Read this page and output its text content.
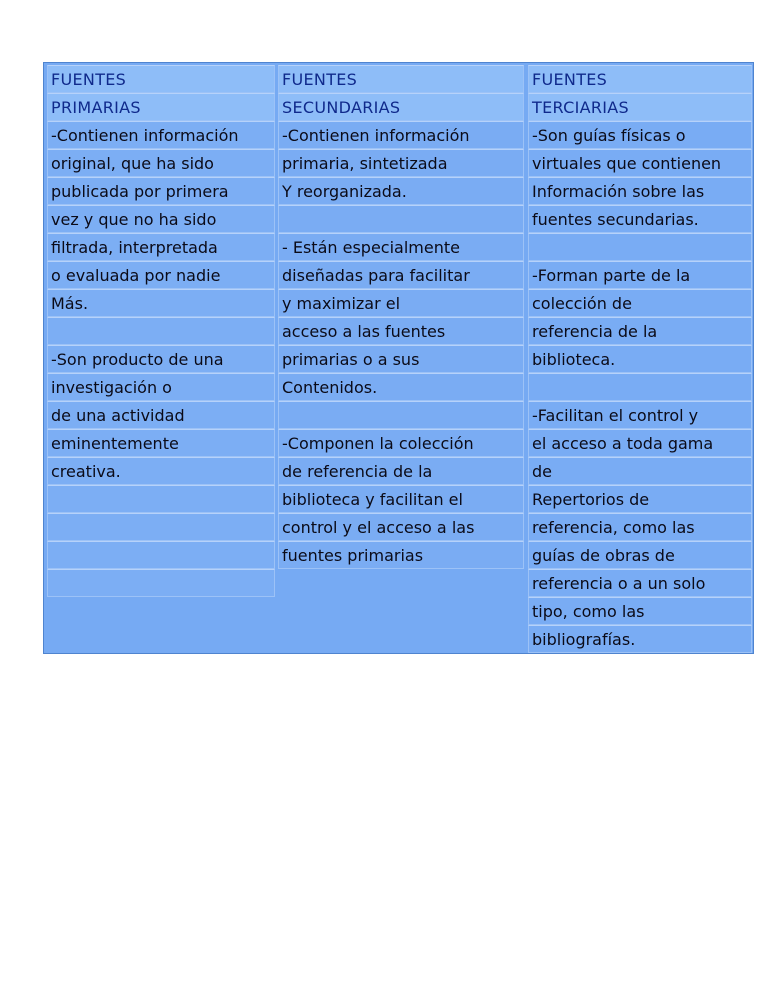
FUENTES
PRIMARIAS
-Contienen información
original, que ha sido
publicada por primera
vez y que no ha sido
filtrada, interpretada
o evaluada por nadie
Más.
-Son producto de una
investigación o
de una actividad
eminentemente
creativa.
FUENTES
SECUNDARIAS
-Contienen información
primaria, sintetizada
Y reorganizada.
- Están especialmente
diseñadas para facilitar
y maximizar el
acceso a las fuentes
primarias o a sus
Contenidos.
-Componen la colección
de referencia de la
biblioteca y facilitan el
control y el acceso a las
fuentes primarias
FUENTES
TERCIARIAS
-Son guías físicas o
virtuales que contienen
Información sobre las
fuentes secundarias.
-Forman parte de la
colección de
referencia de la
biblioteca.
-Facilitan el control y
el acceso a toda gama
de
Repertorios de
referencia, como las
guías de obras de
referencia o a un solo
tipo, como las
bibliografías.
